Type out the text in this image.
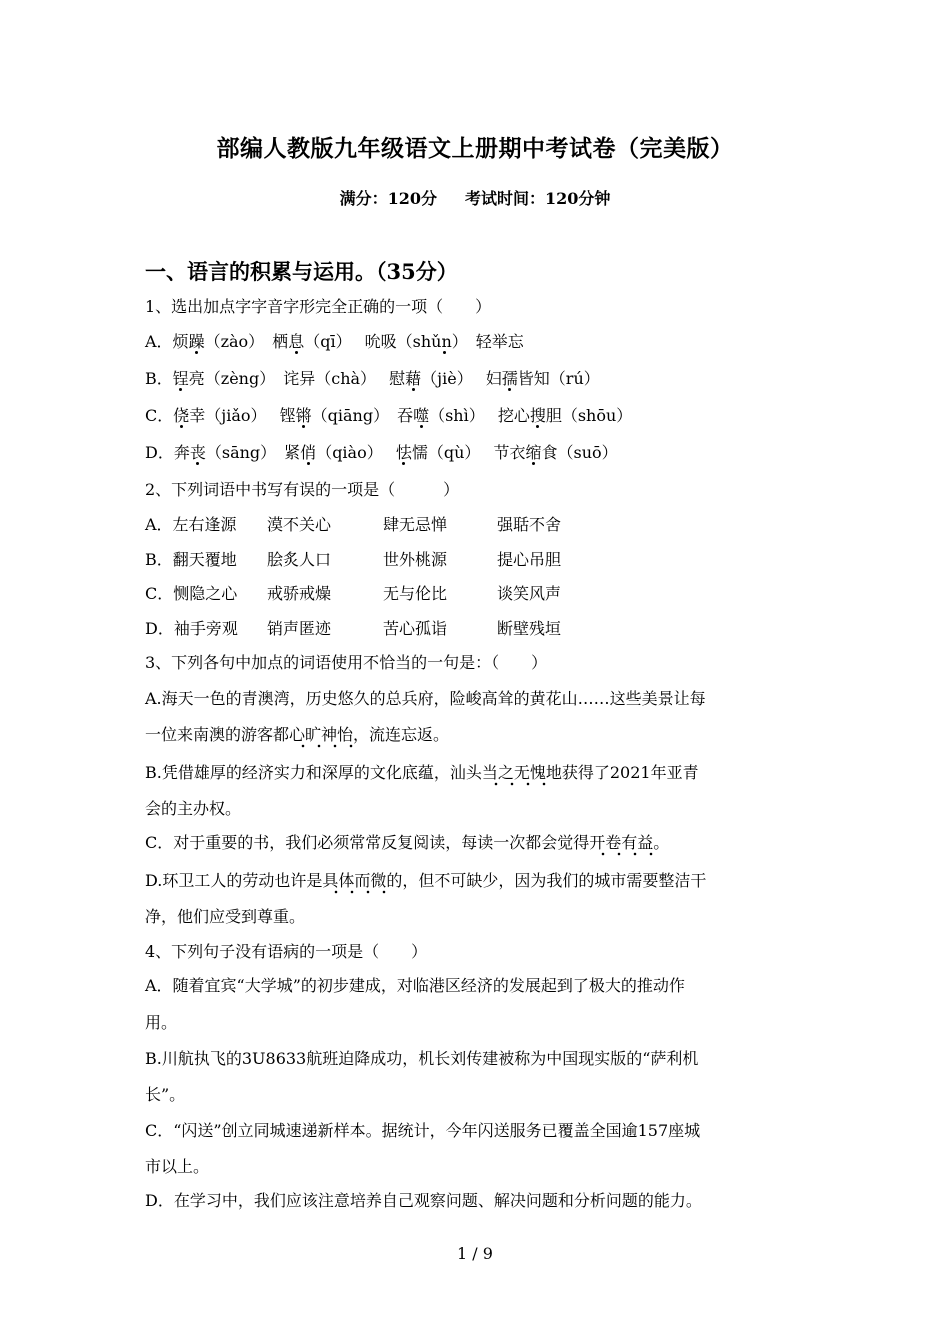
部编人教版九年级语文上册期中考试卷（完美版）
满分：120分 考试时间：120分钟
一、语言的积累与运用。（35分）
1、选出加点字字音字形完全正确的一项（　　）
A．烦躁（zào）　栖息（qī）　 吮吸（shǔn）　轻举忘
B．锃亮（zèng）　诧异（chà）　 慰藉（jiè）　 妇孺皆知（rú）
C．侥幸（jiǎo）　 铿锵（qiāng）　吞噬（shì）　 挖心搜胆（shōu）
D．奔丧（sāng）　紧俏（qiào）　 怯懦（qù）　 节衣缩食（suō）
2、下列词语中书写有误的一项是（　　　）
A．左右逢源 漠不关心	肆无忌惮	强聒不舍
B．翻天覆地 脍炙人口	世外桃源	提心吊胆
C．恻隐之心 戒骄戒燥	无与伦比	谈笑风声
D．袖手旁观 销声匿迹	苦心孤诣	断壁残垣
3、下列各句中加点的词语使用不恰当的一句是：（　　）
A.海天一色的青澳湾，历史悠久的总兵府，险峻高耸的黄花山……这些美景让每
一位来南澳的游客都心旷神怡，流连忘返。
B.凭借雄厚的经济实力和深厚的文化底蕴，汕头当之无愧地获得了2021年亚青
会的主办权。
C．对于重要的书，我们必须常常反复阅读，每读一次都会觉得开卷有益。
D.环卫工人的劳动也许是具体而微的，但不可缺少，因为我们的城市需要整洁干
净，他们应受到尊重。
4、下列句子没有语病的一项是（　　）
A．随着宜宾“大学城”的初步建成，对临港区经济的发展起到了极大的推动作
用。
B.川航执飞的3U8633航班迫降成功，机长刘传建被称为中国现实版的“萨利机
长”。
C．“闪送”创立同城速递新样本。据统计，今年闪送服务已覆盖全国逾157座城
市以上。
D．在学习中，我们应该注意培养自己观察问题、解决问题和分析问题的能力。
1 / 9
